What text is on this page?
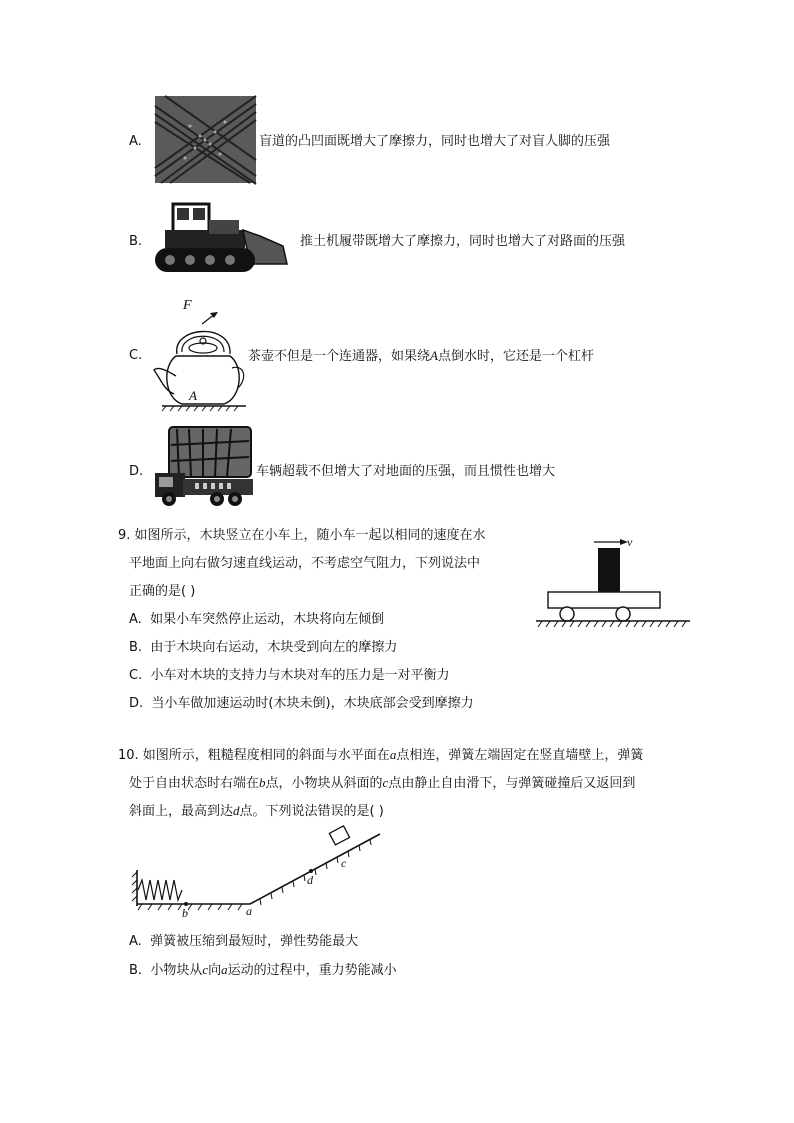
A.	盲道的凸凹面既增大了摩擦力，同时也增大了对盲人脚的压强
B.	推土机履带既增大了摩擦力，同时也增大了对路面的压强
C.
F
A
茶壶不但是一个连通器，如果绕A点倒水时，它还是一个杠杆
D.	车辆超载不但增大了对地面的压强，而且惯性也增大
9. 如图所示，木块竖立在小车上，随小车一起以相同的速度在水
平地面上向右做匀速直线运动，不考虑空气阻力，下列说法中
正确的是( )
A. 如果小车突然停止运动，木块将向左倾倒
B. 由于木块向右运动，木块受到向左的摩擦力
C. 小车对木块的支持力与木块对车的压力是一对平衡力
D. 当小车做加速运动时(木块未倒)，木块底部会受到摩擦力
v
10. 如图所示，粗糙程度相同的斜面与水平面在a点相连，弹簧左端固定在竖直墙壁上，弹簧
处于自由状态时右端在b点，小物块从斜面的c点由静止自由滑下，与弹簧碰撞后又返回到
斜面上，最高到达d点。下列说法错误的是( )
b	a
d
c
A. 弹簧被压缩到最短时，弹性势能最大
B. 小物块从c向a运动的过程中，重力势能减小
